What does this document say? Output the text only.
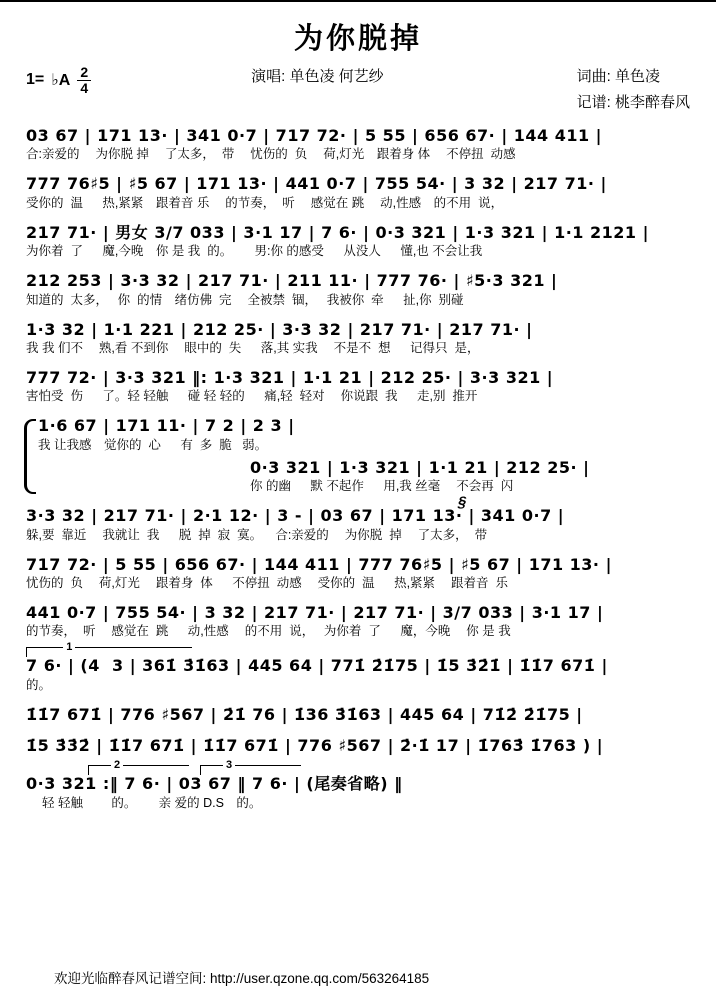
为你脱掉
1= ♭A $\frac{2}{4}$	演唱: 单色凌 何艺纱	词曲: 单色凌
记谱: 桃李醉春风
03 67 | 171 13· | 341 0·7 | 717 72· | 5 55 | 656 67· | 144 411 |
合:亲爱的　 为你脱 掉　 了太多，  带　 忧伤的  负　 荷,灯光　跟着身 体　 不停扭  动感
777 76♯5 | ♯5 67 | 171 13· | 441 0·7 | 755 54· | 3 32 | 217 71· |
受你的  温　  热,紧紧　跟着音 乐　 的节奏，  听　 感觉在 跳　 动,性感　的不用  说，
217 71· | 男女 3/7 033 | 3·1 17 | 7 6· | 0·3 321 | 1·3 321 | 1·1 2121 |
为你着  了　  魔,今晚　你 是 我  的。　　 男:你 的感受　  从没人　  懂,也 不会让我
212 253 | 3·3 32 | 217 71· | 211 11· | 777 76· | ♯5·3 321 |
知道的  太多，　 你  的情　绪仿佛  完　 全被禁  锢，　 我被你  牵　  扯,你  别碰
1·3 32 | 1·1 221 | 212 25· | 3·3 32 | 217 71· | 217 71· |
我 我 们不　 熟,看 不到你　 眼中的  失　  落,其 实我　 不是不  想　  记得只  是，
777 72· | 3·3 321 ‖: 1·3 321 | 1·1 21 | 212 25· | 3·3 321 |
害怕受  伤　  了。轻 轻触　  碰 轻 轻的　  痛,轻  轻对　 你说跟  我　  走,别  推开
1·6 67 | 171 11· | 7 2 | 2 3 |
我 让我感　觉你的  心　  有  多  脆   弱。
0·3 321 | 1·3 321 | 1·1 21 | 212 25· |
你 的幽　  默 不起作　  用,我 丝毫　 不会再  闪
§
3·3 32 | 217 71· | 2·1 12· | 3 - | 03 67 | 171 13· | 341 0·7 |
躲,要  靠近　 我就让  我　  脱  掉  寂  寞。　  合:亲爱的　 为你脱  掉　 了太多，  带
717 72· | 5 55 | 656 67· | 144 411 | 777 76♯5 | ♯5 67 | 171 13· |
忧伤的  负　 荷,灯光　 跟着身  体　  不停扭  动感　 受你的  温　  热,紧紧　 跟着音  乐
441 0·7 | 755 54· | 3 32 | 217 71· | 217 71· | 3/7 033 | 3·1 17 |
的节奏，  听　 感觉在  跳　  动,性感　 的不用  说，　 为你着  了　  魔，今晚　 你 是 我
1
7 6· | (4  3 | 361̇ 3̇1̇63 | 445 64 | 771̇ 2̇1̇75 | 1̇5 3̇2̇1̇ | 1̇1̇7 671̇ |
的。
1̇1̇7 671̇ | 776 ♯567 | 2̇1̇ 76 | 1̇36 3̇1̇63 | 445 64 | 71̇2̇ 2̇1̇75 |
1̇5 3̇3̇2̇ | 1̇1̇7 671̇ | 1̇1̇7 671̇ | 776 ♯567 | 2̇·1̇ 17 | 1̇763̇ 1̇763 ) |
2	3
0·3 321 :‖ 7 6· | 03 67 ‖ 7 6· | (尾奏省略) ‖
　 轻 轻触　　 的。　　 亲 爱的 D.S　的。
欢迎光临醉春风记谱空间: http://user.qzone.qq.com/563264185
